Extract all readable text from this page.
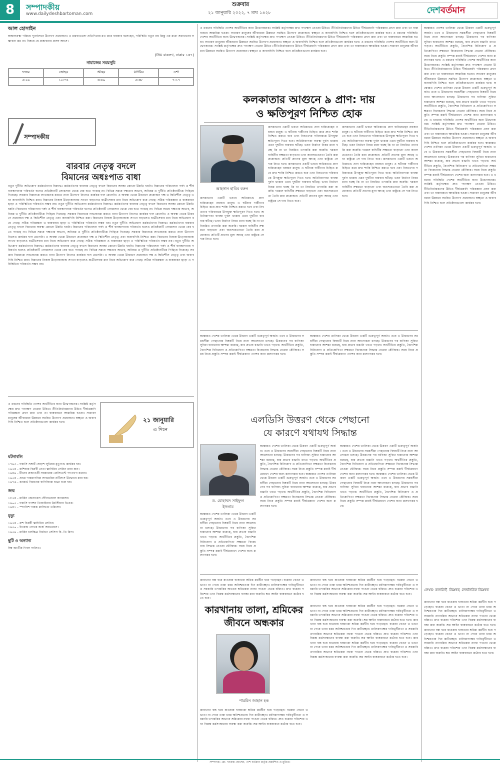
8	সম্পাদকীয়
www.dailydeshbartoman.com
শুক্রবার
২১ জানুয়ারি ২০২২, ৭ মাঘ ১৪২৮	দেশ বর্তমান
আল হোসাইন
স্বাস্থ্যব্যবস্থা পরিচয় পুনর্বাসনে উদ্যোগ প্রয়োজন। এ মন্তব্যগুলো প্রতিদিনের মত করে বারবার বলেছেন, পরিস্থিতি নতুন নয় কিন্তু এর মধ্যে সমাধানের সম্ভাবনা কম না। বিষয়ে যে প্রস্তাবনার প্রসঙ্গ আসে।
(প্রিয় বাকল্যা, ঢাকার ১৩৭)
নামাজের সময়সূচি
ফজর	জোহর	আছর	মাগরিব	এশা
৫:২৬	১২:০৪	৩:৪৯	৫:৩৮	৭:১৭
সম্পাদকীয়
বারবার নেতৃত্ব বদলে
বিমানের অধঃপাত বাধা
নতুন দুর্নীতি অভিযোগ কর্মকর্তাদের বিরুদ্ধে। কর্মকর্তাদের বারবার নেতৃত্ব বদলে বিমানের অবস্থা কোনো উন্নতি হয়নি। বিমানের পরিচালনা পর্ষদ ও শীর্ষ ব্যবস্থাপনায় পরিবর্তন হলেও প্রতিষ্ঠানটি লোকসান থেকে বের হতে পারছে না। বিভিন্ন সময়ে দক্ষতার অভাব, অনিয়ম ও দুর্নীতি প্রতিষ্ঠানটিকে পিছিয়ে দিয়েছে। সরকার বিমানকে লাভজনক করতে নানা উদ্যোগ নিলেও কার্যকর ফল মেলেনি। এ অবস্থা থেকে উত্তরণে প্রয়োজন দক্ষ ও স্থিতিশীল নেতৃত্ব এবং জবাবদিহি নিশ্চিত করা। বিমানের নিজস্ব উড়োজাহাজ সংখ্যা বাড়লেও যাত্রীসেবার মান নিয়ে অভিযোগ রয়ে গেছে। সঠিক পরিকল্পনা ও বাস্তবায়ন ছাড়া এ পরিস্থিতির পরিবর্তন সম্ভব নয়। নতুন দুর্নীতি অভিযোগ কর্মকর্তাদের বিরুদ্ধে। কর্মকর্তাদের বারবার নেতৃত্ব বদলে বিমানের অবস্থা কোনো উন্নতি হয়নি। বিমানের পরিচালনা পর্ষদ ও শীর্ষ ব্যবস্থাপনায় পরিবর্তন হলেও প্রতিষ্ঠানটি লোকসান থেকে বের হতে পারছে না। বিভিন্ন সময়ে দক্ষতার অভাব, অনিয়ম ও দুর্নীতি প্রতিষ্ঠানটিকে পিছিয়ে দিয়েছে। সরকার বিমানকে লাভজনক করতে নানা উদ্যোগ নিলেও কার্যকর ফল মেলেনি। এ অবস্থা থেকে উত্তরণে প্রয়োজন দক্ষ ও স্থিতিশীল নেতৃত্ব এবং জবাবদিহি নিশ্চিত করা। বিমানের নিজস্ব উড়োজাহাজ সংখ্যা বাড়লেও যাত্রীসেবার মান নিয়ে অভিযোগ রয়ে গেছে। সঠিক পরিকল্পনা ও বাস্তবায়ন ছাড়া এ পরিস্থিতির পরিবর্তন সম্ভব নয়। নতুন দুর্নীতি অভিযোগ কর্মকর্তাদের বিরুদ্ধে। কর্মকর্তাদের বারবার নেতৃত্ব বদলে বিমানের অবস্থা কোনো উন্নতি হয়নি। বিমানের পরিচালনা পর্ষদ ও শীর্ষ ব্যবস্থাপনায় পরিবর্তন হলেও প্রতিষ্ঠানটি লোকসান থেকে বের হতে পারছে না। বিভিন্ন সময়ে দক্ষতার অভাব, অনিয়ম ও দুর্নীতি প্রতিষ্ঠানটিকে পিছিয়ে দিয়েছে। সরকার বিমানকে লাভজনক করতে নানা উদ্যোগ নিলেও কার্যকর ফল মেলেনি। এ অবস্থা থেকে উত্তরণে প্রয়োজন দক্ষ ও স্থিতিশীল নেতৃত্ব এবং জবাবদিহি নিশ্চিত করা। বিমানের নিজস্ব উড়োজাহাজ সংখ্যা বাড়লেও যাত্রীসেবার মান নিয়ে অভিযোগ রয়ে গেছে। সঠিক পরিকল্পনা ও বাস্তবায়ন ছাড়া এ পরিস্থিতির পরিবর্তন সম্ভব নয়। নতুন দুর্নীতি অভিযোগ কর্মকর্তাদের বিরুদ্ধে। কর্মকর্তাদের বারবার নেতৃত্ব বদলে বিমানের অবস্থা কোনো উন্নতি হয়নি। বিমানের পরিচালনা পর্ষদ ও শীর্ষ ব্যবস্থাপনায় পরিবর্তন হলেও প্রতিষ্ঠানটি লোকসান থেকে বের হতে পারছে না। বিভিন্ন সময়ে দক্ষতার অভাব, অনিয়ম ও দুর্নীতি প্রতিষ্ঠানটিকে পিছিয়ে দিয়েছে। সরকার বিমানকে লাভজনক করতে নানা উদ্যোগ নিলেও কার্যকর ফল মেলেনি। এ অবস্থা থেকে উত্তরণে প্রয়োজন দক্ষ ও স্থিতিশীল নেতৃত্ব এবং জবাবদিহি নিশ্চিত করা। বিমানের নিজস্ব উড়োজাহাজ সংখ্যা বাড়লেও যাত্রীসেবার মান নিয়ে অভিযোগ রয়ে গেছে। সঠিক পরিকল্পনা ও বাস্তবায়ন ছাড়া এ পরিস্থিতির পরিবর্তন সম্ভব নয়।
২১ জানুয়ারি
এ দিনে
এ ধরনের পরিস্থিতি দেশের অর্থনীতির জন্য উদ্বেগজনক। সংশ্লিষ্ট কর্তৃপক্ষের দ্রুত পদক্ষেপ নেওয়া উচিত। নীতিনির্ধারকদের উচিত দীর্ঘমেয়াদি পরিকল্পনা গ্রহণ করা এবং তা বাস্তবায়নে আন্তরিক হওয়া। সাধারণ মানুষের জীবনমান উন্নয়নে সমন্বিত উদ্যোগ প্রয়োজন। স্বচ্ছতা ও জবাবদিহি নিশ্চিত হলে প্রতিষ্ঠানগুলো কার্যকর হবে।
ঘটনাবলি
১৭৯৩ - ফরাসি সম্রাট ষোড়শ লুইয়ের মৃত্যুদণ্ড কার্যকর হয়।
১৯২৪ - রাশিয়ার বিপ্লবী নেতা ভ্লাদিমির লেনিন মারা যান।
১৯৪৯ - চীনের প্রজাতন্ত্রী সরকারের প্রেসিডেন্ট পদত্যাগ করেন।
১৯৫৪ - প্রথম পারমাণবিক সাবমেরিন নটিলাস উদ্বোধন করা হয়।
১৯৭৬ - কনকর্ড বিমানের বাণিজ্যিক যাত্রা শুরু হয়।
জন্ম
১৮২৪ - মার্কিন জেনারেল স্টোনওয়াল জ্যাকসন।
১৯০৫ - ফরাসি ফ্যাশন ডিজাইনার ক্রিস্টিয়ান ডিওর।
১৯৪১ - স্প্যানিশ গায়ক প্লাসিডো ডমিঙ্গো।
মৃত্যু
১৯২৪ - রুশ বিপ্লবী ভ্লাদিমির লেনিন।
১৯৫০ - ইংরেজ লেখক জর্জ অরওয়েল।
১৯৫৯ - মার্কিন চলচ্চিত্র নির্মাতা সেসিল বি. ডি মিল।
ছুটি ও অন্যান্য
বিশ্ব জাতীয় দিবস পালিত।
কলকাতার আগুনে ৯ প্রাণ: দায়
ও ক্ষতিপূরণ নিশ্চিত হোক
আহসান হাবিব বরুন
কলকাতার একটি ভবনে অগ্নিকাণ্ডে প্রাণ হারিয়েছেন নয়জন মানুষ। এ ঘটনায় দায়ীদের চিহ্নিত করে দ্রুত শাস্তি নিশ্চিত করতে হবে এবং নিহতদের পরিবারকে উপযুক্ত ক্ষতিপূরণ দিতে হবে। অগ্নিনিরাপত্তা ব্যবস্থা দুর্বল থাকায় এমন দুর্ঘটনা বারবার ঘটছে। ভবন নির্মাণে নিয়ম মানা হচ্ছে কি না তা নিয়মিত তদারকি করা জরুরি। দমকল বাহিনীর সক্ষমতা বাড়ানো এবং জনসচেতনতা তৈরি করা প্রয়োজন। প্রতিটি প্রাণের মূল্য আছে এবং রাষ্ট্রকে সে দায় নিতে হবে। কলকাতার একটি ভবনে অগ্নিকাণ্ডে প্রাণ হারিয়েছেন নয়জন মানুষ। এ ঘটনায় দায়ীদের চিহ্নিত করে দ্রুত শাস্তি নিশ্চিত করতে হবে এবং নিহতদের পরিবারকে উপযুক্ত ক্ষতিপূরণ দিতে হবে। অগ্নিনিরাপত্তা ব্যবস্থা দুর্বল থাকায় এমন দুর্ঘটনা বারবার ঘটছে। ভবন নির্মাণে নিয়ম মানা হচ্ছে কি না তা নিয়মিত তদারকি করা জরুরি। দমকল বাহিনীর সক্ষমতা বাড়ানো এবং জনসচেতনতা তৈরি করা প্রয়োজন। প্রতিটি প্রাণের মূল্য আছে এবং রাষ্ট্রকে সে দায় নিতে হবে।
কলকাতার একটি ভবনে অগ্নিকাণ্ডে প্রাণ হারিয়েছেন নয়জন মানুষ। এ ঘটনায় দায়ীদের চিহ্নিত করে দ্রুত শাস্তি নিশ্চিত করতে হবে এবং নিহতদের পরিবারকে উপযুক্ত ক্ষতিপূরণ দিতে হবে। অগ্নিনিরাপত্তা ব্যবস্থা দুর্বল থাকায় এমন দুর্ঘটনা বারবার ঘটছে। ভবন নির্মাণে নিয়ম মানা হচ্ছে কি না তা নিয়মিত তদারকি করা জরুরি। দমকল বাহিনীর সক্ষমতা বাড়ানো এবং জনসচেতনতা তৈরি করা প্রয়োজন। প্রতিটি প্রাণের মূল্য আছে এবং রাষ্ট্রকে সে দায় নিতে হবে। কলকাতার একটি ভবনে অগ্নিকাণ্ডে প্রাণ হারিয়েছেন নয়জন মানুষ। এ ঘটনায় দায়ীদের চিহ্নিত করে দ্রুত শাস্তি নিশ্চিত করতে হবে এবং নিহতদের পরিবারকে উপযুক্ত ক্ষতিপূরণ দিতে হবে। অগ্নিনিরাপত্তা ব্যবস্থা দুর্বল থাকায় এমন দুর্ঘটনা বারবার ঘটছে। ভবন নির্মাণে নিয়ম মানা হচ্ছে কি না তা নিয়মিত তদারকি করা জরুরি। দমকল বাহিনীর সক্ষমতা বাড়ানো এবং জনসচেতনতা তৈরি করা প্রয়োজন। প্রতিটি প্রাণের মূল্য আছে এবং রাষ্ট্রকে সে দায় নিতে হবে।
কলকাতার একটি ভবনে অগ্নিকাণ্ডে প্রাণ হারিয়েছেন নয়জন মানুষ। এ ঘটনায় দায়ীদের চিহ্নিত করে দ্রুত শাস্তি নিশ্চিত করতে হবে এবং নিহতদের পরিবারকে উপযুক্ত ক্ষতিপূরণ দিতে হবে। অগ্নিনিরাপত্তা ব্যবস্থা দুর্বল থাকায় এমন দুর্ঘটনা বারবার ঘটছে। ভবন নির্মাণে নিয়ম মানা হচ্ছে কি না তা নিয়মিত তদারকি করা জরুরি। দমকল বাহিনীর সক্ষমতা বাড়ানো এবং জনসচেতনতা তৈরি করা প্রয়োজন। প্রতিটি প্রাণের মূল্য আছে এবং রাষ্ট্রকে সে দায় নিতে হবে।
এ ধরনের পরিস্থিতি দেশের অর্থনীতির জন্য উদ্বেগজনক। সংশ্লিষ্ট কর্তৃপক্ষের দ্রুত পদক্ষেপ নেওয়া উচিত। নীতিনির্ধারকদের উচিত দীর্ঘমেয়াদি পরিকল্পনা গ্রহণ করা এবং তা বাস্তবায়নে আন্তরিক হওয়া। সাধারণ মানুষের জীবনমান উন্নয়নে সমন্বিত উদ্যোগ প্রয়োজন। স্বচ্ছতা ও জবাবদিহি নিশ্চিত হলে প্রতিষ্ঠানগুলো কার্যকর হবে। এ ধরনের পরিস্থিতি দেশের অর্থনীতির জন্য উদ্বেগজনক। সংশ্লিষ্ট কর্তৃপক্ষের দ্রুত পদক্ষেপ নেওয়া উচিত। নীতিনির্ধারকদের উচিত দীর্ঘমেয়াদি পরিকল্পনা গ্রহণ করা এবং তা বাস্তবায়নে আন্তরিক হওয়া। সাধারণ মানুষের জীবনমান উন্নয়নে সমন্বিত উদ্যোগ প্রয়োজন। স্বচ্ছতা ও জবাবদিহি নিশ্চিত হলে প্রতিষ্ঠানগুলো কার্যকর হবে। এ ধরনের পরিস্থিতি দেশের অর্থনীতির জন্য উদ্বেগজনক। সংশ্লিষ্ট কর্তৃপক্ষের দ্রুত পদক্ষেপ নেওয়া উচিত। নীতিনির্ধারকদের উচিত দীর্ঘমেয়াদি পরিকল্পনা গ্রহণ করা এবং তা বাস্তবায়নে আন্তরিক হওয়া। সাধারণ মানুষের জীবনমান উন্নয়নে সমন্বিত উদ্যোগ প্রয়োজন। স্বচ্ছতা ও জবাবদিহি নিশ্চিত হলে প্রতিষ্ঠানগুলো কার্যকর হবে।
স্বল্পোন্নত দেশের তালিকা থেকে উত্তরণ একটি গুরুত্বপূর্ণ অর্জন। তবে এ উত্তরণের সময়সীমা পেছানোর বিষয়টি নিয়ে নানা আলোচনা চলছে। উত্তরণের পর বাণিজ্য সুবিধা হারানোর আশঙ্কা রয়েছে, যার প্রভাব রপ্তানি খাতে পড়বে। অর্থনীতির প্রস্তুতি, বৈদেশিক বিনিয়োগ ও প্রতিযোগিতা সক্ষমতা বিবেচনায় সিদ্ধান্ত নেওয়া যৌক্তিক। সময় নিয়ে প্রস্তুতি সম্পন্ন করাই দীর্ঘমেয়াদে দেশের জন্য কল্যাণকর হবে। এ ধরনের পরিস্থিতি দেশের অর্থনীতির জন্য উদ্বেগজনক। সংশ্লিষ্ট কর্তৃপক্ষের দ্রুত পদক্ষেপ নেওয়া উচিত। নীতিনির্ধারকদের উচিত দীর্ঘমেয়াদি পরিকল্পনা গ্রহণ করা এবং তা বাস্তবায়নে আন্তরিক হওয়া। সাধারণ মানুষের জীবনমান উন্নয়নে সমন্বিত উদ্যোগ প্রয়োজন। স্বচ্ছতা ও জবাবদিহি নিশ্চিত হলে প্রতিষ্ঠানগুলো কার্যকর হবে। স্বল্পোন্নত দেশের তালিকা থেকে উত্তরণ একটি গুরুত্বপূর্ণ অর্জন। তবে এ উত্তরণের সময়সীমা পেছানোর বিষয়টি নিয়ে নানা আলোচনা চলছে। উত্তরণের পর বাণিজ্য সুবিধা হারানোর আশঙ্কা রয়েছে, যার প্রভাব রপ্তানি খাতে পড়বে। অর্থনীতির প্রস্তুতি, বৈদেশিক বিনিয়োগ ও প্রতিযোগিতা সক্ষমতা বিবেচনায় সিদ্ধান্ত নেওয়া যৌক্তিক। সময় নিয়ে প্রস্তুতি সম্পন্ন করাই দীর্ঘমেয়াদে দেশের জন্য কল্যাণকর হবে। এ ধরনের পরিস্থিতি দেশের অর্থনীতির জন্য উদ্বেগজনক। সংশ্লিষ্ট কর্তৃপক্ষের দ্রুত পদক্ষেপ নেওয়া উচিত। নীতিনির্ধারকদের উচিত দীর্ঘমেয়াদি পরিকল্পনা গ্রহণ করা এবং তা বাস্তবায়নে আন্তরিক হওয়া। সাধারণ মানুষের জীবনমান উন্নয়নে সমন্বিত উদ্যোগ প্রয়োজন। স্বচ্ছতা ও জবাবদিহি নিশ্চিত হলে প্রতিষ্ঠানগুলো কার্যকর হবে। স্বল্পোন্নত দেশের তালিকা থেকে উত্তরণ একটি গুরুত্বপূর্ণ অর্জন। তবে এ উত্তরণের সময়সীমা পেছানোর বিষয়টি নিয়ে নানা আলোচনা চলছে। উত্তরণের পর বাণিজ্য সুবিধা হারানোর আশঙ্কা রয়েছে, যার প্রভাব রপ্তানি খাতে পড়বে। অর্থনীতির প্রস্তুতি, বৈদেশিক বিনিয়োগ ও প্রতিযোগিতা সক্ষমতা বিবেচনায় সিদ্ধান্ত নেওয়া যৌক্তিক। সময় নিয়ে প্রস্তুতি সম্পন্ন করাই দীর্ঘমেয়াদে দেশের জন্য কল্যাণকর হবে। এ ধরনের পরিস্থিতি দেশের অর্থনীতির জন্য উদ্বেগজনক। সংশ্লিষ্ট কর্তৃপক্ষের দ্রুত পদক্ষেপ নেওয়া উচিত। নীতিনির্ধারকদের উচিত দীর্ঘমেয়াদি পরিকল্পনা গ্রহণ করা এবং তা বাস্তবায়নে আন্তরিক হওয়া। সাধারণ মানুষের জীবনমান উন্নয়নে সমন্বিত উদ্যোগ প্রয়োজন। স্বচ্ছতা ও জবাবদিহি নিশ্চিত হলে প্রতিষ্ঠানগুলো কার্যকর হবে।
লেখক: কলামিস্ট, বিশ্লেষক, রাজনৈতিক বিশ্লেষক
কারখানা বন্ধ হয়ে যাওয়ায় হাজারো শ্রমিক কর্মহীন হয়ে পড়েছেন। বকেয়া বেতন ও ভাতা না পেয়ে তারা চরম অনিশ্চয়তায় দিন কাটাচ্ছেন। মালিকপক্ষের দায়িত্বহীনতা ও সরকারি তদারকির অভাবে শ্রমিকেরা ন্যায্য পাওনা থেকে বঞ্চিত। দ্রুত বকেয়া পরিশোধ এবং বিকল্প কর্মসংস্থানের ব্যবস্থা করা জরুরি। শ্রম আইন বাস্তবায়নে কঠোর হতে হবে। কারখানা বন্ধ হয়ে যাওয়ায় হাজারো শ্রমিক কর্মহীন হয়ে পড়েছেন। বকেয়া বেতন ও ভাতা না পেয়ে তারা চরম অনিশ্চয়তায় দিন কাটাচ্ছেন। মালিকপক্ষের দায়িত্বহীনতা ও সরকারি তদারকির অভাবে শ্রমিকেরা ন্যায্য পাওনা থেকে বঞ্চিত। দ্রুত বকেয়া পরিশোধ এবং বিকল্প কর্মসংস্থানের ব্যবস্থা করা জরুরি। শ্রম আইন বাস্তবায়নে কঠোর হতে হবে।
স্বল্পোন্নত দেশের তালিকা থেকে উত্তরণ একটি গুরুত্বপূর্ণ অর্জন। তবে এ উত্তরণের সময়সীমা পেছানোর বিষয়টি নিয়ে নানা আলোচনা চলছে। উত্তরণের পর বাণিজ্য সুবিধা হারানোর আশঙ্কা রয়েছে, যার প্রভাব রপ্তানি খাতে পড়বে। অর্থনীতির প্রস্তুতি, বৈদেশিক বিনিয়োগ ও প্রতিযোগিতা সক্ষমতা বিবেচনায় সিদ্ধান্ত নেওয়া যৌক্তিক। সময় নিয়ে প্রস্তুতি সম্পন্ন করাই দীর্ঘমেয়াদে দেশের জন্য কল্যাণকর হবে।
স্বল্পোন্নত দেশের তালিকা থেকে উত্তরণ একটি গুরুত্বপূর্ণ অর্জন। তবে এ উত্তরণের সময়সীমা পেছানোর বিষয়টি নিয়ে নানা আলোচনা চলছে। উত্তরণের পর বাণিজ্য সুবিধা হারানোর আশঙ্কা রয়েছে, যার প্রভাব রপ্তানি খাতে পড়বে। অর্থনীতির প্রস্তুতি, বৈদেশিক বিনিয়োগ ও প্রতিযোগিতা সক্ষমতা বিবেচনায় সিদ্ধান্ত নেওয়া যৌক্তিক। সময় নিয়ে প্রস্তুতি সম্পন্ন করাই দীর্ঘমেয়াদে দেশের জন্য কল্যাণকর হবে।
এলডিসি উত্তরণ থেকে পেছানো
যে কারণে যথাযথ সিদ্ধান্ত
ড. মোহাম্মদ সাইফুল
ইসলাম
স্বল্পোন্নত দেশের তালিকা থেকে উত্তরণ একটি গুরুত্বপূর্ণ অর্জন। তবে এ উত্তরণের সময়সীমা পেছানোর বিষয়টি নিয়ে নানা আলোচনা চলছে। উত্তরণের পর বাণিজ্য সুবিধা হারানোর আশঙ্কা রয়েছে, যার প্রভাব রপ্তানি খাতে পড়বে। অর্থনীতির প্রস্তুতি, বৈদেশিক বিনিয়োগ ও প্রতিযোগিতা সক্ষমতা বিবেচনায় সিদ্ধান্ত নেওয়া যৌক্তিক। সময় নিয়ে প্রস্তুতি সম্পন্ন করাই দীর্ঘমেয়াদে দেশের জন্য কল্যাণকর হবে।
স্বল্পোন্নত দেশের তালিকা থেকে উত্তরণ একটি গুরুত্বপূর্ণ অর্জন। তবে এ উত্তরণের সময়সীমা পেছানোর বিষয়টি নিয়ে নানা আলোচনা চলছে। উত্তরণের পর বাণিজ্য সুবিধা হারানোর আশঙ্কা রয়েছে, যার প্রভাব রপ্তানি খাতে পড়বে। অর্থনীতির প্রস্তুতি, বৈদেশিক বিনিয়োগ ও প্রতিযোগিতা সক্ষমতা বিবেচনায় সিদ্ধান্ত নেওয়া যৌক্তিক। সময় নিয়ে প্রস্তুতি সম্পন্ন করাই দীর্ঘমেয়াদে দেশের জন্য কল্যাণকর হবে। স্বল্পোন্নত দেশের তালিকা থেকে উত্তরণ একটি গুরুত্বপূর্ণ অর্জন। তবে এ উত্তরণের সময়সীমা পেছানোর বিষয়টি নিয়ে নানা আলোচনা চলছে। উত্তরণের পর বাণিজ্য সুবিধা হারানোর আশঙ্কা রয়েছে, যার প্রভাব রপ্তানি খাতে পড়বে। অর্থনীতির প্রস্তুতি, বৈদেশিক বিনিয়োগ ও প্রতিযোগিতা সক্ষমতা বিবেচনায় সিদ্ধান্ত নেওয়া যৌক্তিক। সময় নিয়ে প্রস্তুতি সম্পন্ন করাই দীর্ঘমেয়াদে দেশের জন্য কল্যাণকর হবে।
স্বল্পোন্নত দেশের তালিকা থেকে উত্তরণ একটি গুরুত্বপূর্ণ অর্জন। তবে এ উত্তরণের সময়সীমা পেছানোর বিষয়টি নিয়ে নানা আলোচনা চলছে। উত্তরণের পর বাণিজ্য সুবিধা হারানোর আশঙ্কা রয়েছে, যার প্রভাব রপ্তানি খাতে পড়বে। অর্থনীতির প্রস্তুতি, বৈদেশিক বিনিয়োগ ও প্রতিযোগিতা সক্ষমতা বিবেচনায় সিদ্ধান্ত নেওয়া যৌক্তিক। সময় নিয়ে প্রস্তুতি সম্পন্ন করাই দীর্ঘমেয়াদে দেশের জন্য কল্যাণকর হবে। স্বল্পোন্নত দেশের তালিকা থেকে উত্তরণ একটি গুরুত্বপূর্ণ অর্জন। তবে এ উত্তরণের সময়সীমা পেছানোর বিষয়টি নিয়ে নানা আলোচনা চলছে। উত্তরণের পর বাণিজ্য সুবিধা হারানোর আশঙ্কা রয়েছে, যার প্রভাব রপ্তানি খাতে পড়বে। অর্থনীতির প্রস্তুতি, বৈদেশিক বিনিয়োগ ও প্রতিযোগিতা সক্ষমতা বিবেচনায় সিদ্ধান্ত নেওয়া যৌক্তিক। সময় নিয়ে প্রস্তুতি সম্পন্ন করাই দীর্ঘমেয়াদে দেশের জন্য কল্যাণকর হবে।
কারখানা বন্ধ হয়ে যাওয়ায় হাজারো শ্রমিক কর্মহীন হয়ে পড়েছেন। বকেয়া বেতন ও ভাতা না পেয়ে তারা চরম অনিশ্চয়তায় দিন কাটাচ্ছেন। মালিকপক্ষের দায়িত্বহীনতা ও সরকারি তদারকির অভাবে শ্রমিকেরা ন্যায্য পাওনা থেকে বঞ্চিত। দ্রুত বকেয়া পরিশোধ এবং বিকল্প কর্মসংস্থানের ব্যবস্থা করা জরুরি। শ্রম আইন বাস্তবায়নে কঠোর হতে হবে।
কারখানা বন্ধ হয়ে যাওয়ায় হাজারো শ্রমিক কর্মহীন হয়ে পড়েছেন। বকেয়া বেতন ও ভাতা না পেয়ে তারা চরম অনিশ্চয়তায় দিন কাটাচ্ছেন। মালিকপক্ষের দায়িত্বহীনতা ও সরকারি তদারকির অভাবে শ্রমিকেরা ন্যায্য পাওনা থেকে বঞ্চিত। দ্রুত বকেয়া পরিশোধ এবং বিকল্প কর্মসংস্থানের ব্যবস্থা করা জরুরি। শ্রম আইন বাস্তবায়নে কঠোর হতে হবে।
কারখানায় তালা, শ্রমিকের
জীবনে অন্ধকার
শারমিন জাহান হক
কারখানা বন্ধ হয়ে যাওয়ায় হাজারো শ্রমিক কর্মহীন হয়ে পড়েছেন। বকেয়া বেতন ও ভাতা না পেয়ে তারা চরম অনিশ্চয়তায় দিন কাটাচ্ছেন। মালিকপক্ষের দায়িত্বহীনতা ও সরকারি তদারকির অভাবে শ্রমিকেরা ন্যায্য পাওনা থেকে বঞ্চিত। দ্রুত বকেয়া পরিশোধ এবং বিকল্প কর্মসংস্থানের ব্যবস্থা করা জরুরি। শ্রম আইন বাস্তবায়নে কঠোর হতে হবে। কারখানা বন্ধ হয়ে যাওয়ায় হাজারো শ্রমিক কর্মহীন হয়ে পড়েছেন। বকেয়া বেতন ও ভাতা না পেয়ে তারা চরম অনিশ্চয়তায় দিন কাটাচ্ছেন। মালিকপক্ষের দায়িত্বহীনতা ও সরকারি তদারকির অভাবে শ্রমিকেরা ন্যায্য পাওনা থেকে বঞ্চিত। দ্রুত বকেয়া পরিশোধ এবং বিকল্প কর্মসংস্থানের ব্যবস্থা করা জরুরি। শ্রম আইন বাস্তবায়নে কঠোর হতে হবে। কারখানা বন্ধ হয়ে যাওয়ায় হাজারো শ্রমিক কর্মহীন হয়ে পড়েছেন। বকেয়া বেতন ও ভাতা না পেয়ে তারা চরম অনিশ্চয়তায় দিন কাটাচ্ছেন। মালিকপক্ষের দায়িত্বহীনতা ও সরকারি তদারকির অভাবে শ্রমিকেরা ন্যায্য পাওনা থেকে বঞ্চিত। দ্রুত বকেয়া পরিশোধ এবং বিকল্প কর্মসংস্থানের ব্যবস্থা করা জরুরি। শ্রম আইন বাস্তবায়নে কঠোর হতে হবে।
কারখানা বন্ধ হয়ে যাওয়ায় হাজারো শ্রমিক কর্মহীন হয়ে পড়েছেন। বকেয়া বেতন ও ভাতা না পেয়ে তারা চরম অনিশ্চয়তায় দিন কাটাচ্ছেন। মালিকপক্ষের দায়িত্বহীনতা ও সরকারি তদারকির অভাবে শ্রমিকেরা ন্যায্য পাওনা থেকে বঞ্চিত। দ্রুত বকেয়া পরিশোধ এবং বিকল্প কর্মসংস্থানের ব্যবস্থা করা জরুরি। শ্রম আইন বাস্তবায়নে কঠোর হতে হবে।
সম্পাদক: মো. ফারুক হোসেন, দেশ বর্তমান কর্তৃক প্রকাশিত ও মুদ্রিত।
